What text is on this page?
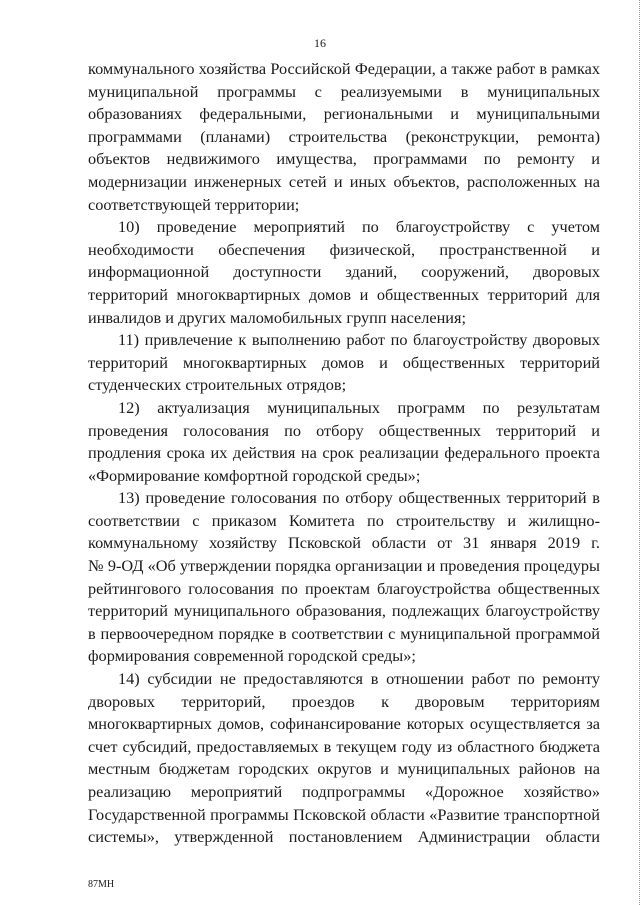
16
коммунального хозяйства Российской Федерации, а также работ в рамках
муниципальной программы с реализуемыми в муниципальных
образованиях федеральными, региональными и муниципальными
программами (планами) строительства (реконструкции, ремонта)
объектов недвижимого имущества, программами по ремонту и
модернизации инженерных сетей и иных объектов, расположенных на
соответствующей территории;
10) проведение мероприятий по благоустройству с учетом
необходимости обеспечения физической, пространственной и
информационной доступности зданий, сооружений, дворовых
территорий многоквартирных домов и общественных территорий для
инвалидов и других маломобильных групп населения;
11) привлечение к выполнению работ по благоустройству дворовых
территорий многоквартирных домов и общественных территорий
студенческих строительных отрядов;
12) актуализация муниципальных программ по результатам
проведения голосования по отбору общественных территорий и
продления срока их действия на срок реализации федерального проекта
«Формирование комфортной городской среды»;
13) проведение голосования по отбору общественных территорий в
соответствии с приказом Комитета по строительству и жилищно-
коммунальному хозяйству Псковской области от 31 января 2019 г.
№ 9-ОД «Об утверждении порядка организации и проведения процедуры
рейтингового голосования по проектам благоустройства общественных
территорий муниципального образования, подлежащих благоустройству
в первоочередном порядке в соответствии с муниципальной программой
формирования современной городской среды»;
14) субсидии не предоставляются в отношении работ по ремонту
дворовых территорий, проездов к дворовым территориям
многоквартирных домов, софинансирование которых осуществляется за
счет субсидий, предоставляемых в текущем году из областного бюджета
местным бюджетам городских округов и муниципальных районов на
реализацию мероприятий подпрограммы «Дорожное хозяйство»
Государственной программы Псковской области «Развитие транспортной
системы», утвержденной постановлением Администрации области
87МН
